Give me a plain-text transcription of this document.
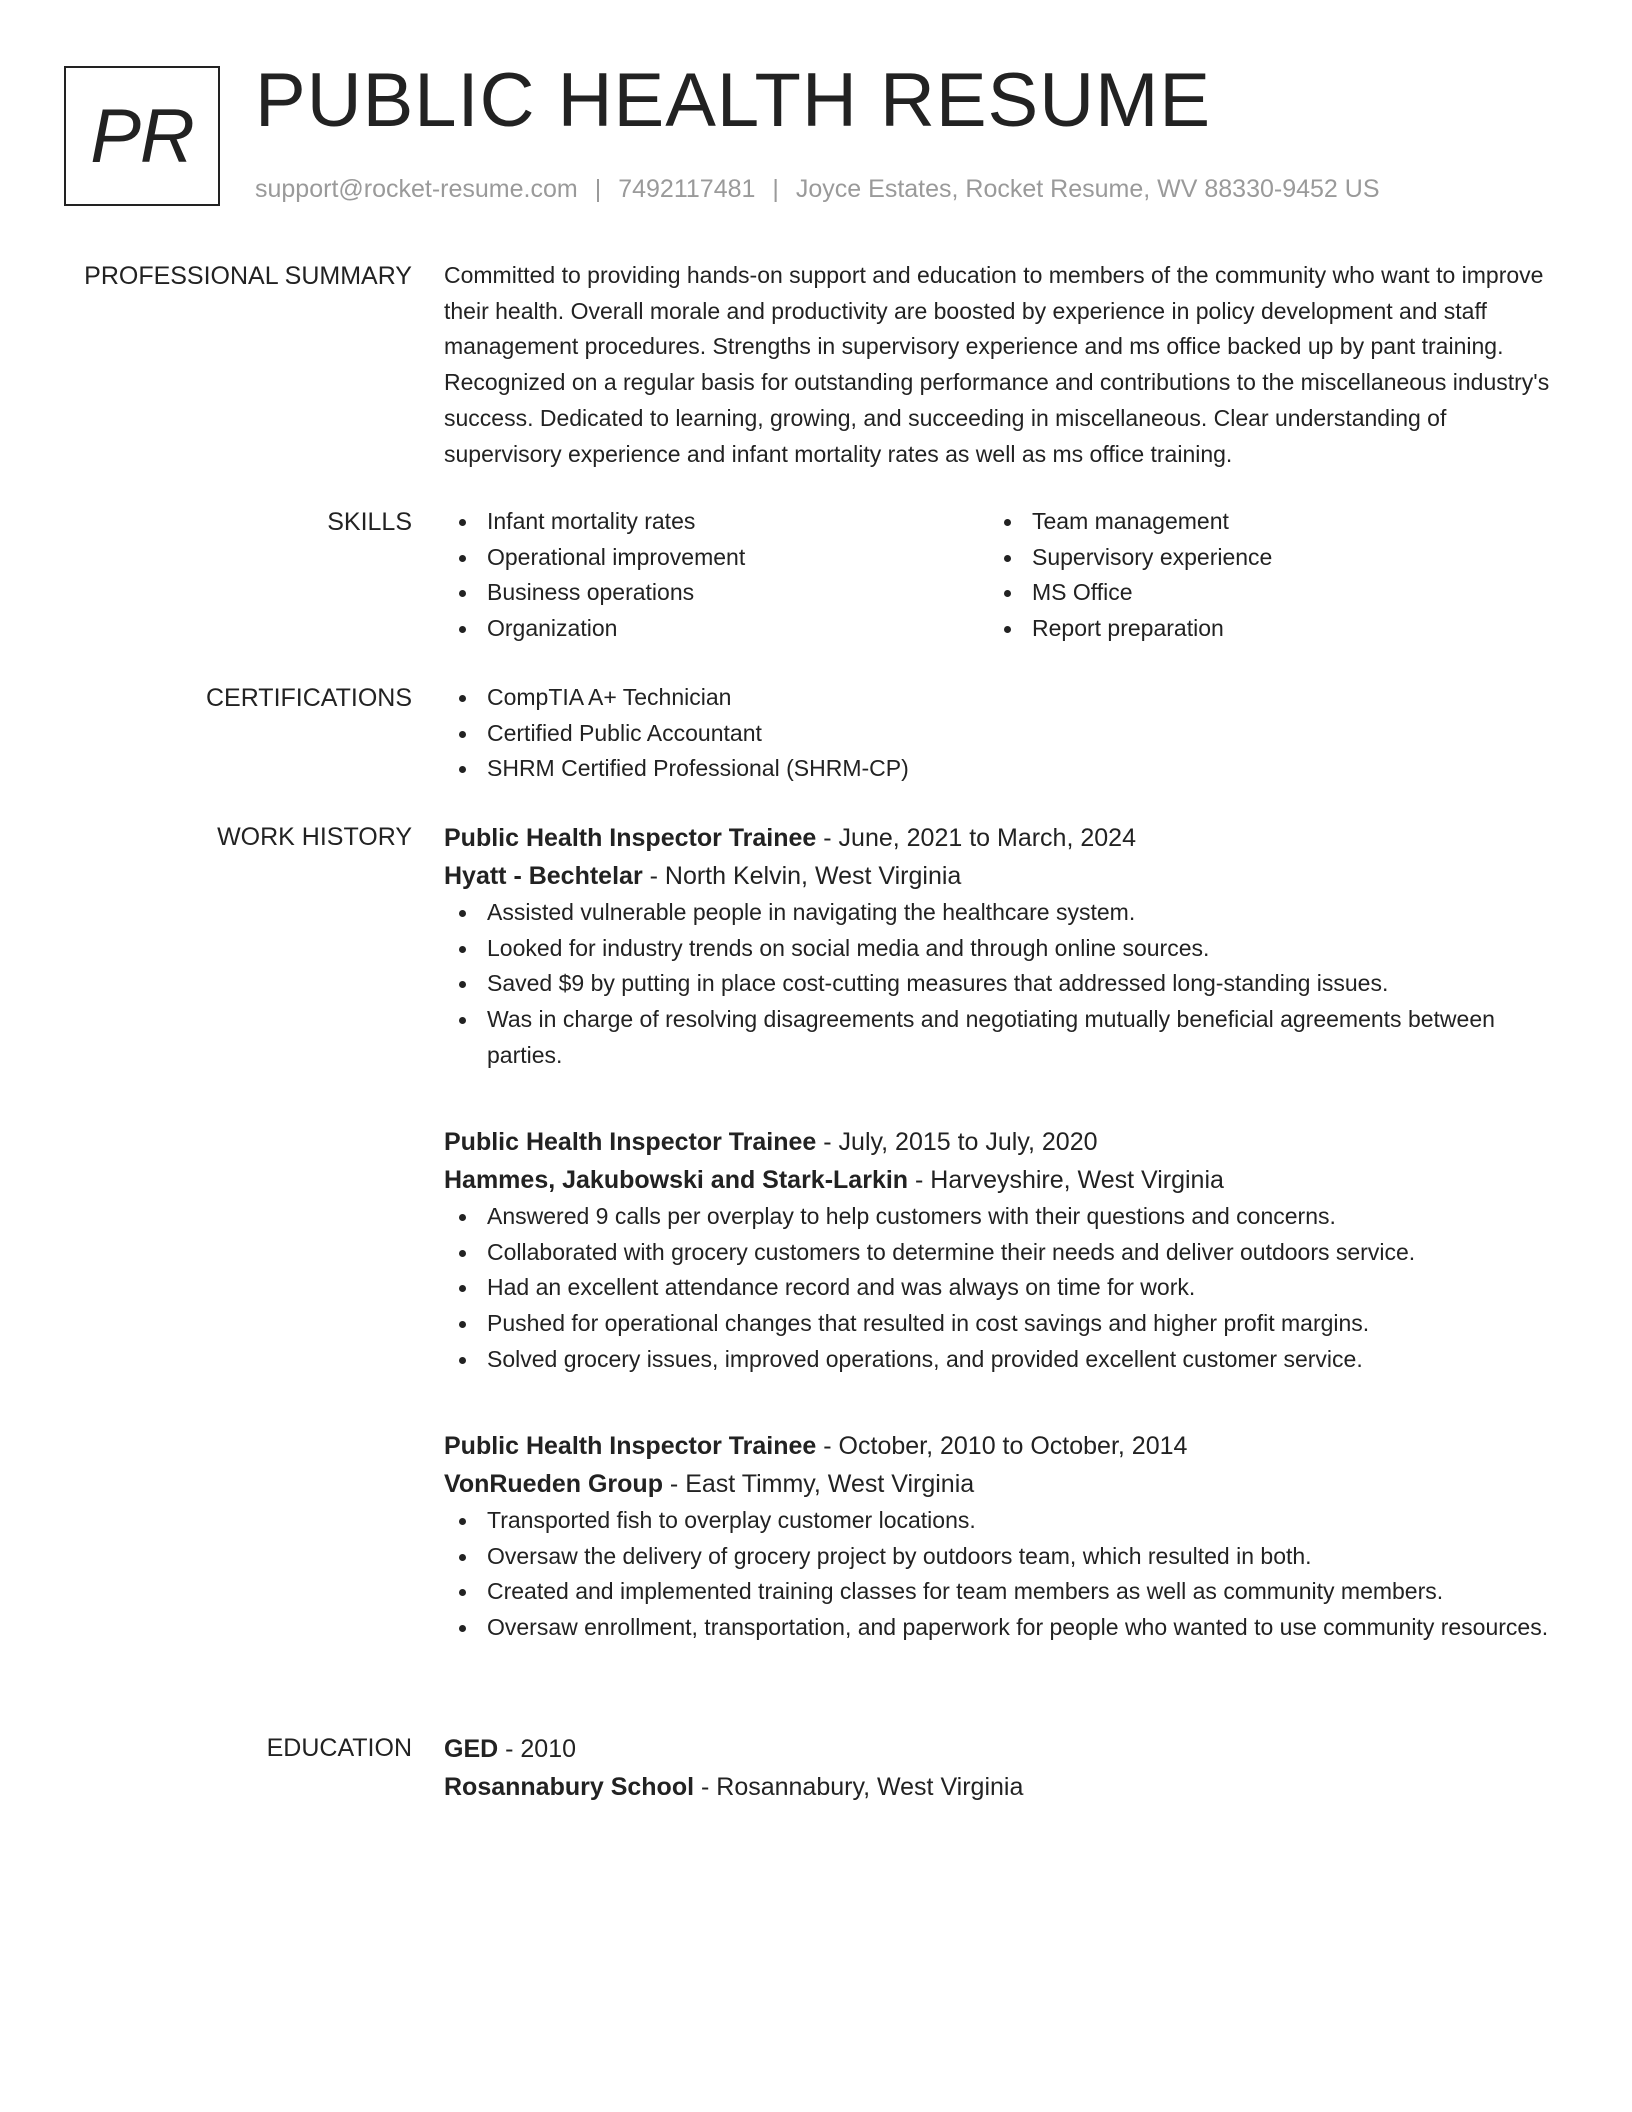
PR PUBLIC HEALTH RESUME
support@rocket-resume.com | 7492117481 | Joyce Estates, Rocket Resume, WV 88330-9452 US
PROFESSIONAL SUMMARY Committed to providing hands-on support and education to members of the community who want to improve their health. Overall morale and productivity are boosted by experience in policy development and staff management procedures. Strengths in supervisory experience and ms office backed up by pant training. Recognized on a regular basis for outstanding performance and contributions to the miscellaneous industry's success. Dedicated to learning, growing, and succeeding in miscellaneous. Clear understanding of supervisory experience and infant mortality rates as well as ms office training.

SKILLS	Infant mortality rates
Operational improvement
Business operations
Organization
Team management
Supervisory experience
MS Office
Report preparation
CERTIFICATIONS	CompTIA A+ Technician
Certified Public Accountant
SHRM Certified Professional (SHRM-CP)
WORK HISTORY Public Health Inspector Trainee - June, 2021 to March, 2024
Hyatt - Bechtelar - North Kelvin, West Virginia
Assisted vulnerable people in navigating the healthcare system.
Looked for industry trends on social media and through online sources.
Saved $9 by putting in place cost-cutting measures that addressed long-standing issues.
Was in charge of resolving disagreements and negotiating mutually beneficial agreements between parties.
Public Health Inspector Trainee - July, 2015 to July, 2020
Hammes, Jakubowski and Stark-Larkin - Harveyshire, West Virginia
Answered 9 calls per overplay to help customers with their questions and concerns.
Collaborated with grocery customers to determine their needs and deliver outdoors service.
Had an excellent attendance record and was always on time for work.
Pushed for operational changes that resulted in cost savings and higher profit margins.
Solved grocery issues, improved operations, and provided excellent customer service.
Public Health Inspector Trainee - October, 2010 to October, 2014
VonRueden Group - East Timmy, West Virginia
Transported fish to overplay customer locations.
Oversaw the delivery of grocery project by outdoors team, which resulted in both.
Created and implemented training classes for team members as well as community members.
Oversaw enrollment, transportation, and paperwork for people who wanted to use community resources.
EDUCATION GED - 2010
Rosannabury School - Rosannabury, West Virginia
